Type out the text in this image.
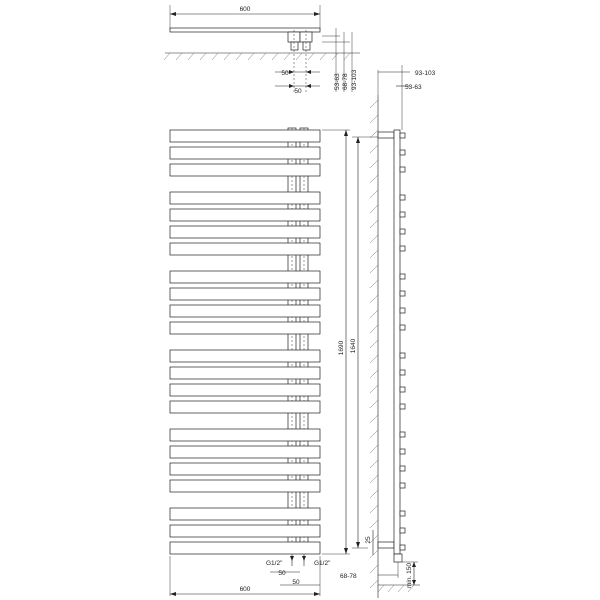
600
50
50
53-63 68-78 93-103
1690 1640
25
G1/2"	G1/2"
50
50
600
93-103
53-63
68-78	min. 150
